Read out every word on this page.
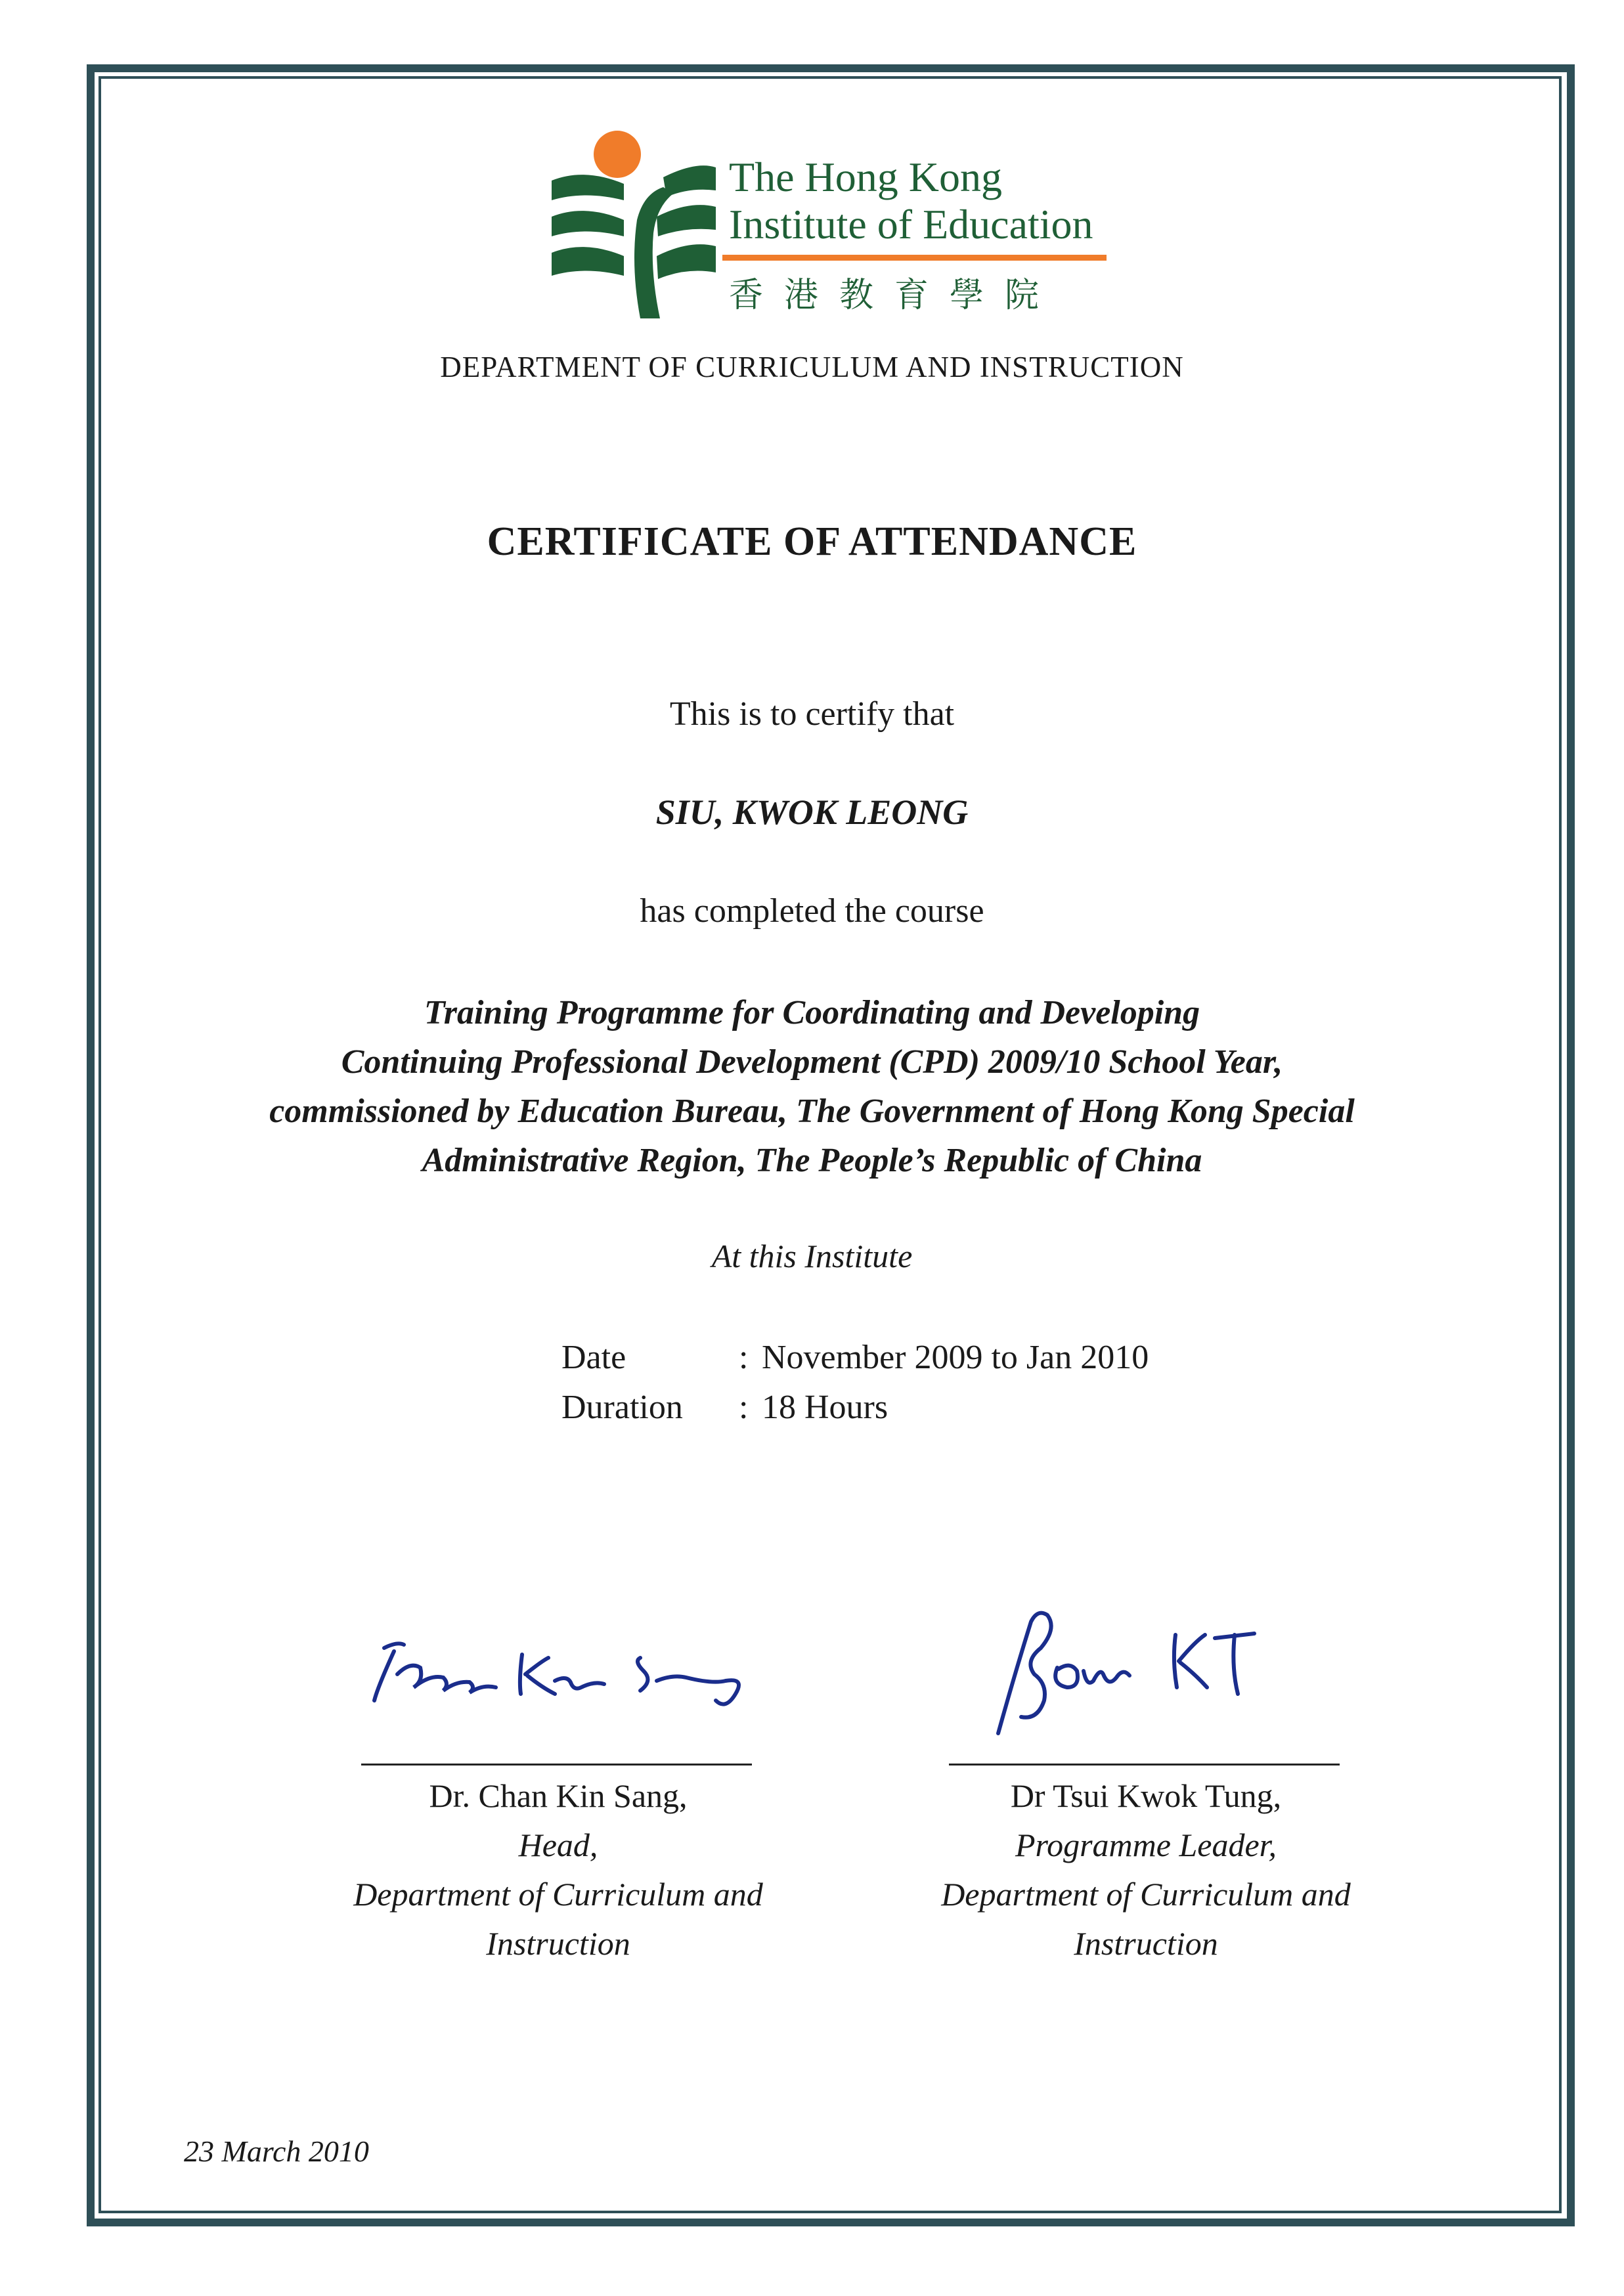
The Hong Kong
Institute of Education
香港教育學院
DEPARTMENT OF CURRICULUM AND INSTRUCTION
CERTIFICATE OF ATTENDANCE
This is to certify that
SIU, KWOK LEONG
has completed the course
Training Programme for Coordinating and Developing
Continuing Professional Development (CPD) 2009/10 School Year,
commissioned by Education Bureau, The Government of Hong Kong Special
Administrative Region, The People’s Republic of China
At this Institute
Date	: November 2009 to Jan 2010
Duration	: 18 Hours
Dr. Chan Kin Sang,
Head,
Department of Curriculum and
Instruction
Dr Tsui Kwok Tung,
Programme Leader,
Department of Curriculum and
Instruction
23 March 2010
